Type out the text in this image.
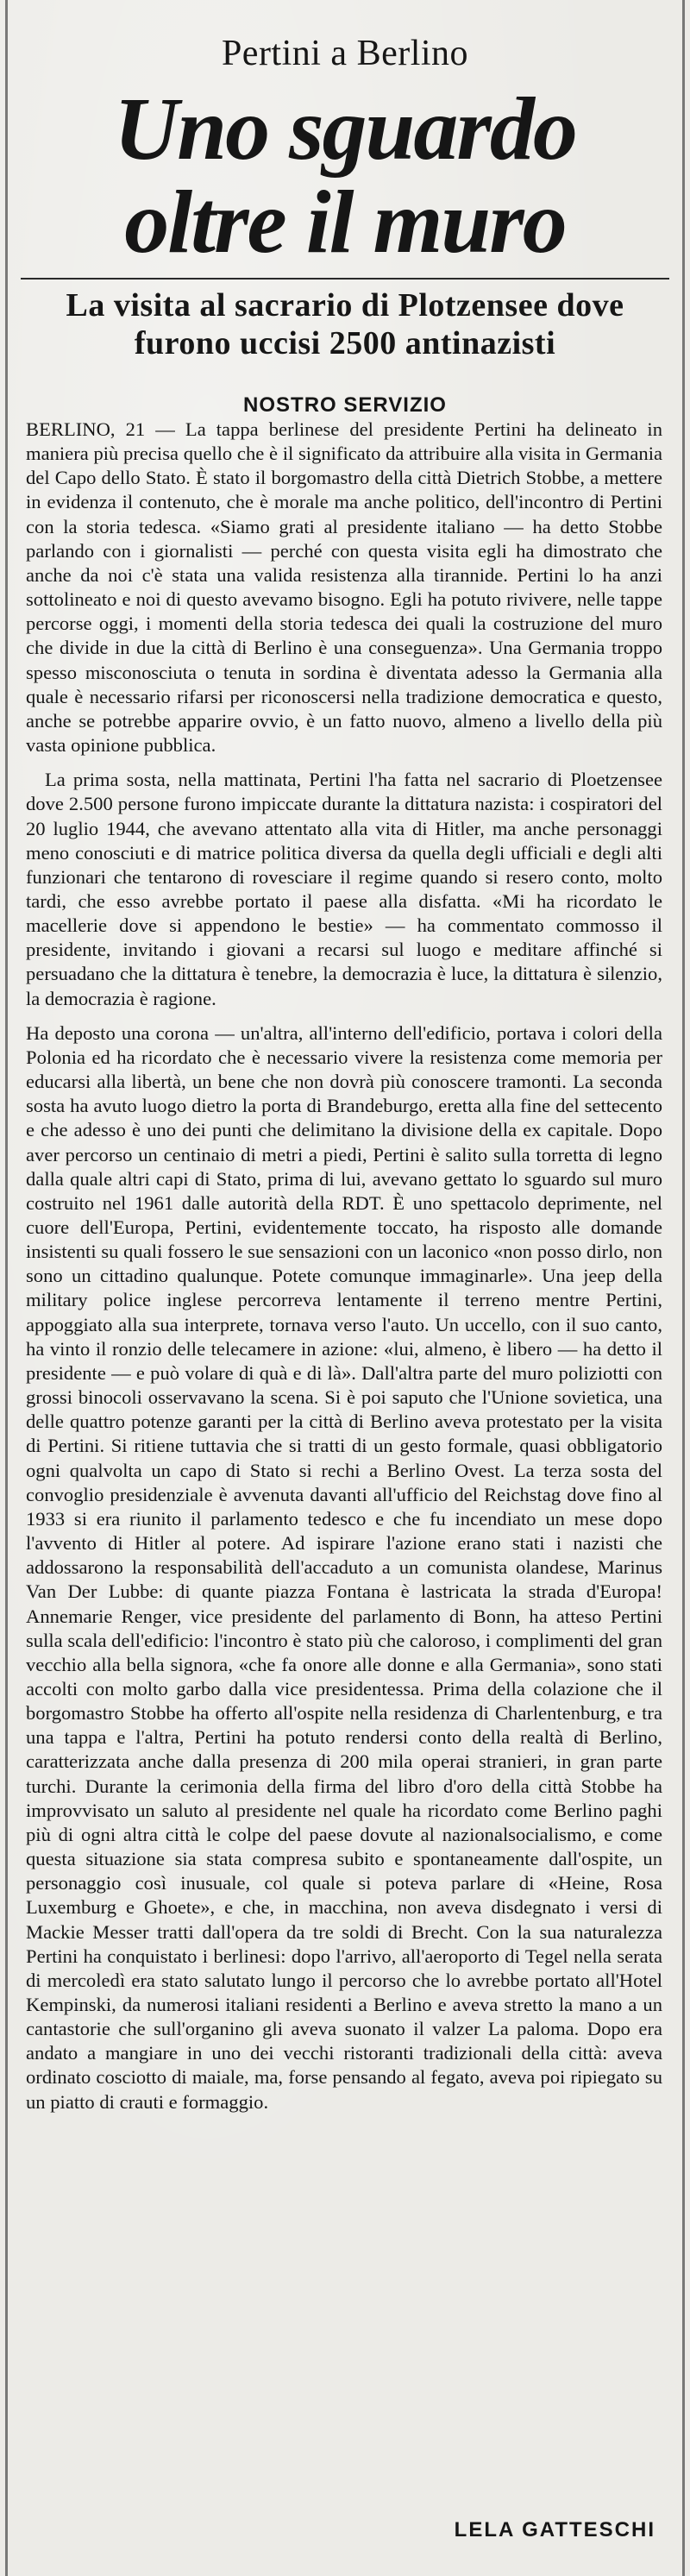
Pertini a Berlino
Uno sguardo
oltre il muro
La visita al sacrario di Plotzensee dove furono uccisi 2500 antinazisti
NOSTRO SERVIZIO

BERLINO, 21 — La tappa berlinese del presidente Pertini ha delineato in maniera più precisa quello che è il significato da attribuire alla visita in Germania del Capo dello Stato. È stato il borgomastro della città Dietrich Stobbe, a mettere in evidenza il contenuto, che è morale ma anche politico, dell'incontro di Pertini con la storia tedesca. «Siamo grati al presidente italiano — ha detto Stobbe parlando con i giornalisti — perché con questa visita egli ha dimostrato che anche da noi c'è stata una valida resistenza alla tirannide. Pertini lo ha anzi sottolineato e noi di questo avevamo bisogno. Egli ha potuto rivivere, nelle tappe percorse oggi, i momenti della storia tedesca dei quali la costruzione del muro che divide in due la città di Berlino è una conseguenza». Una Germania troppo spesso misconosciuta o tenuta in sordina è diventata adesso la Germania alla quale è necessario rifarsi per riconoscersi nella tradizione democratica e questo, anche se potrebbe apparire ovvio, è un fatto nuovo, almeno a livello della più vasta opinione pubblica.

La prima sosta, nella mattinata, Pertini l'ha fatta nel sacrario di Ploetzensee dove 2.500 persone furono impiccate durante la dittatura nazista: i cospiratori del 20 luglio 1944, che avevano attentato alla vita di Hitler, ma anche personaggi meno conosciuti e di matrice politica diversa da quella degli ufficiali e degli alti funzionari che tentarono di rovesciare il regime quando si resero conto, molto tardi, che esso avrebbe portato il paese alla disfatta. «Mi ha ricordato le macellerie dove si appendono le bestie» — ha commentato commosso il presidente, invitando i giovani a recarsi sul luogo e meditare affinché si persuadano che la dittatura è tenebre, la democrazia è luce, la dittatura è silenzio, la democrazia è ragione.

Ha deposto una corona — un'altra, all'interno dell'edificio, portava i colori della Polonia ed ha ricordato che è necessario vivere la resistenza come memoria per educarsi alla libertà, un bene che non dovrà più conoscere tramonti. La seconda sosta ha avuto luogo dietro la porta di Brandeburgo, eretta alla fine del settecento e che adesso è uno dei punti che delimitano la divisione della ex capitale. Dopo aver percorso un centinaio di metri a piedi, Pertini è salito sulla torretta di legno dalla quale altri capi di Stato, prima di lui, avevano gettato lo sguardo sul muro costruito nel 1961 dalle autorità della RDT. È uno spettacolo deprimente, nel cuore dell'Europa, Pertini, evidentemente toccato, ha risposto alle domande insistenti su quali fossero le sue sensazioni con un laconico «non posso dirlo, non sono un cittadino qualunque. Potete comunque immaginarle». Una jeep della military police inglese percorreva lentamente il terreno mentre Pertini, appoggiato alla sua interprete, tornava verso l'auto. Un uccello, con il suo canto, ha vinto il ronzio delle telecamere in azione: «lui, almeno, è libero — ha detto il presidente — e può volare di quà e di là». Dall'altra parte del muro poliziotti con grossi binocoli osservavano la scena. Si è poi saputo che l'Unione sovietica, una delle quattro potenze garanti per la città di Berlino aveva protestato per la visita di Pertini. Si ritiene tuttavia che si tratti di un gesto formale, quasi obbligatorio ogni qualvolta un capo di Stato si rechi a Berlino Ovest. La terza sosta del convoglio presidenziale è avvenuta davanti all'ufficio del Reichstag dove fino al 1933 si era riunito il parlamento tedesco e che fu incendiato un mese dopo l'avvento di Hitler al potere. Ad ispirare l'azione erano stati i nazisti che addossarono la responsabilità dell'accaduto a un comunista olandese, Marinus Van Der Lubbe: di quante piazza Fontana è lastricata la strada d'Europa! Annemarie Renger, vice presidente del parlamento di Bonn, ha atteso Pertini sulla scala dell'edificio: l'incontro è stato più che caloroso, i complimenti del gran vecchio alla bella signora, «che fa onore alle donne e alla Germania», sono stati accolti con molto garbo dalla vice presidentessa. Prima della colazione che il borgomastro Stobbe ha offerto all'ospite nella residenza di Charlentenburg, e tra una tappa e l'altra, Pertini ha potuto rendersi conto della realtà di Berlino, caratterizzata anche dalla presenza di 200 mila operai stranieri, in gran parte turchi. Durante la cerimonia della firma del libro d'oro della città Stobbe ha improvvisato un saluto al presidente nel quale ha ricordato come Berlino paghi più di ogni altra città le colpe del paese dovute al nazionalsocialismo, e come questa situazione sia stata compresa subito e spontaneamente dall'ospite, un personaggio così inusuale, col quale si poteva parlare di «Heine, Rosa Luxemburg e Ghoete», e che, in macchina, non aveva disdegnato i versi di Mackie Messer tratti dall'opera da tre soldi di Brecht. Con la sua naturalezza Pertini ha conquistato i berlinesi: dopo l'arrivo, all'aeroporto di Tegel nella serata di mercoledì era stato salutato lungo il percorso che lo avrebbe portato all'Hotel Kempinski, da numerosi italiani residenti a Berlino e aveva stretto la mano a un cantastorie che sull'organino gli aveva suonato il valzer La paloma. Dopo era andato a mangiare in uno dei vecchi ristoranti tradizionali della città: aveva ordinato cosciotto di maiale, ma, forse pensando al fegato, aveva poi ripiegato su un piatto di crauti e formaggio.

LELA GATTESCHI
